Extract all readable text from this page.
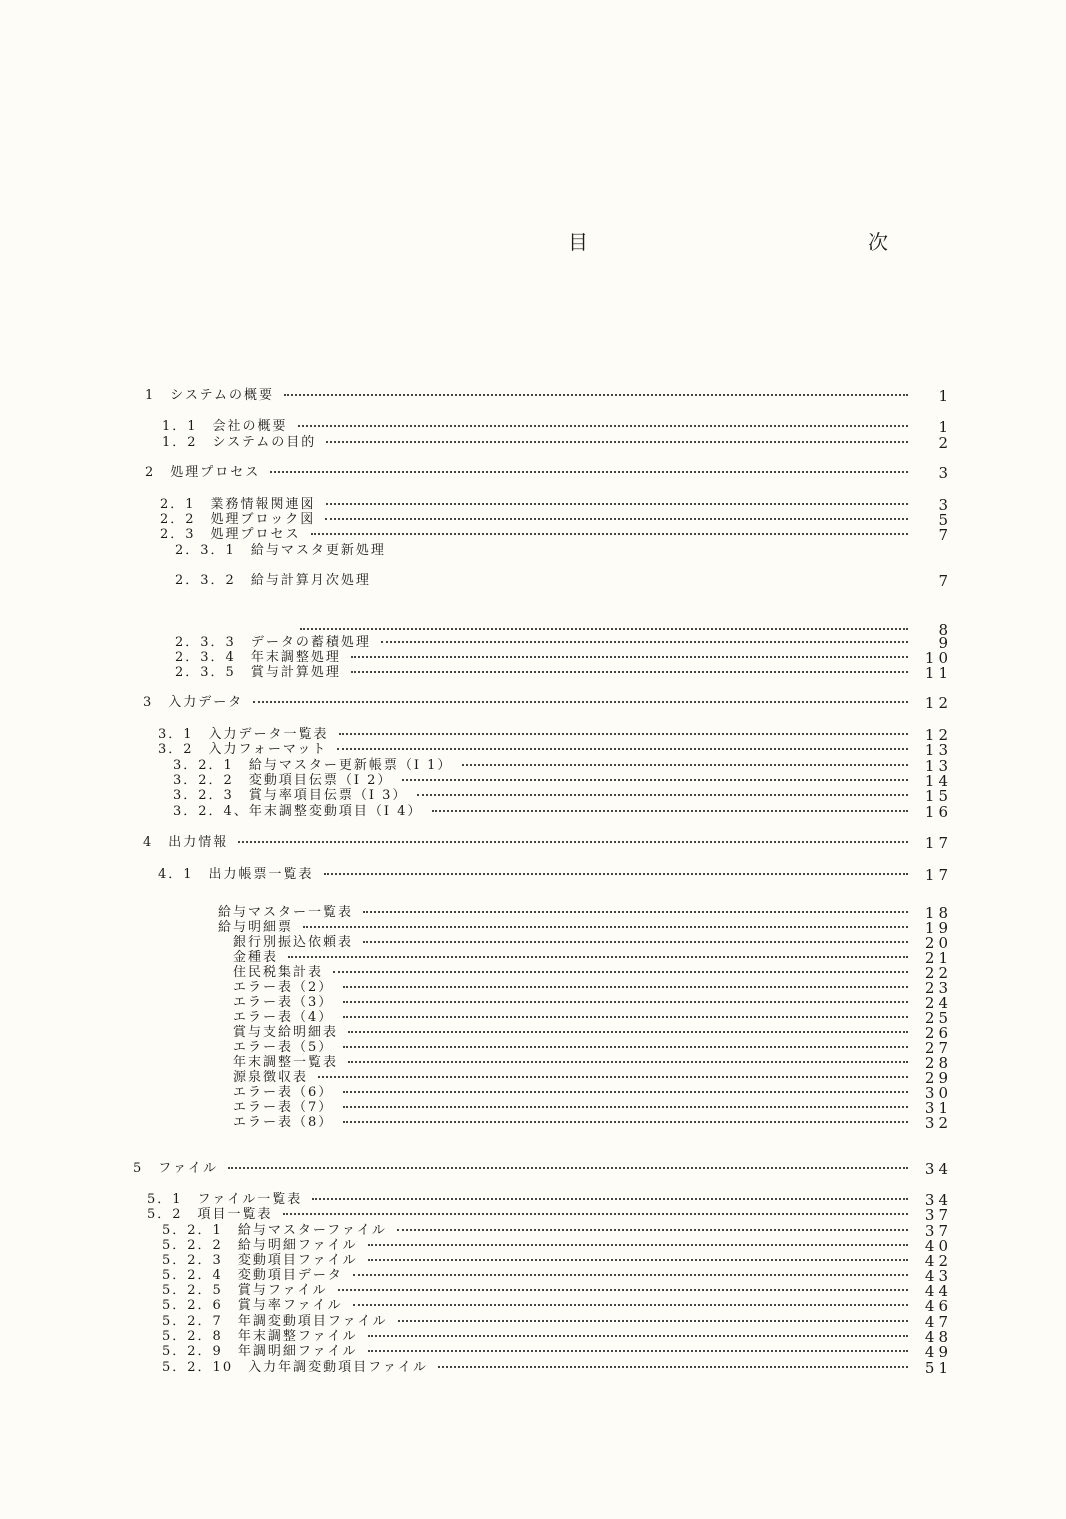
目　次
1　システムの概要	1
1．1　会社の概要	1
1．2　システムの目的	2
2　処理プロセス	3
2．1　業務情報関連図	3
2．2　処理ブロック図	5
2．3　処理プロセス	7
2．3．1　給与マスタ更新処理
2．3．2　給与計算月次処理	7
8
2．3．3　データの蓄積処理	9
2．3．4　年末調整処理	10
2．3．5　賞与計算処理	11
3　入力データ	12
3．1　入力データ一覧表	12
3．2　入力フォーマット	13
3．2．1　給与マスター更新帳票（I 1）	13
3．2．2　変動項目伝票（I 2）	14
3．2．3　賞与率項目伝票（I 3）	15
3．2．4、年末調整変動項目（I 4）	16
4　出力情報	17
4．1　出力帳票一覧表	17
給与マスター一覧表	18
給与明細票	19
銀行別振込依頼表	20
金種表	21
住民税集計表	22
エラー表（2）	23
エラー表（3）	24
エラー表（4）	25
賞与支給明細表	26
エラー表（5）	27
年末調整一覧表	28
源泉徴収表	29
エラー表（6）	30
エラー表（7）	31
エラー表（8）	32
5　ファイル	34
5．1　ファイル一覧表	34
5．2　項目一覧表	37
5．2．1　給与マスターファイル	37
5．2．2　給与明細ファイル	40
5．2．3　変動項目ファイル	42
5．2．4　変動項目データ	43
5．2．5　賞与ファイル	44
5．2．6　賞与率ファイル	46
5．2．7　年調変動項目ファイル	47
5．2．8　年末調整ファイル	48
5．2．9　年調明細ファイル	49
5．2．10　入力年調変動項目ファイル	51
